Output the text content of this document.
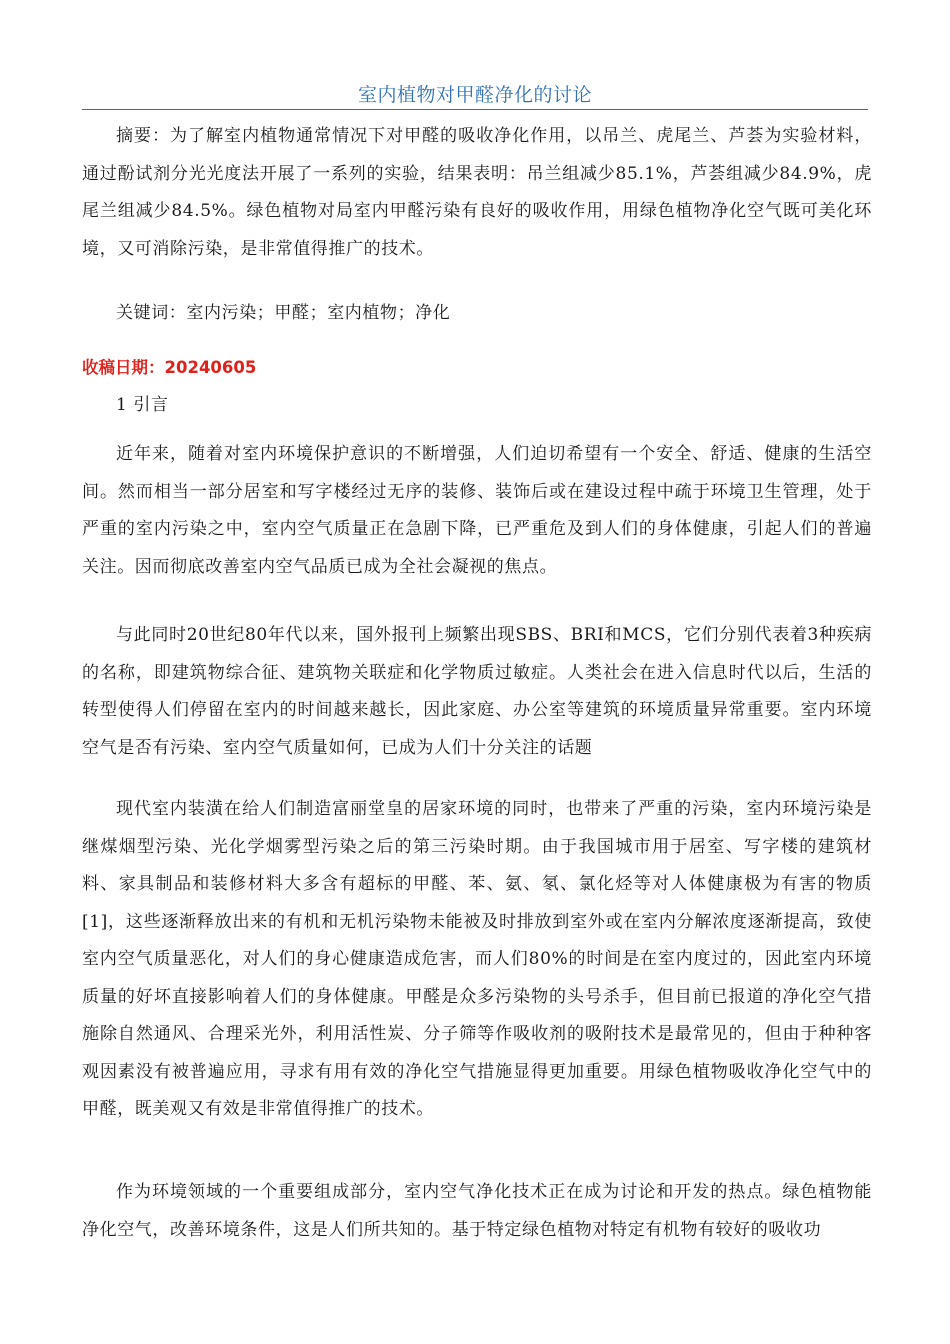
室内植物对甲醛净化的讨论

摘要：为了解室内植物通常情况下对甲醛的吸收净化作用，以吊兰、虎尾兰、芦荟为实验材料，通过酚试剂分光光度法开展了一系列的实验，结果表明：吊兰组减少85.1%，芦荟组减少84.9%，虎尾兰组减少84.5%。绿色植物对局室内甲醛污染有良好的吸收作用，用绿色植物净化空气既可美化环境，又可消除污染，是非常值得推广的技术。

关键词：室内污染；甲醛；室内植物；净化

收稿日期：20240605

1 引言

近年来，随着对室内环境保护意识的不断增强，人们迫切希望有一个安全、舒适、健康的生活空间。然而相当一部分居室和写字楼经过无序的装修、装饰后或在建设过程中疏于环境卫生管理，处于严重的室内污染之中，室内空气质量正在急剧下降，已严重危及到人们的身体健康，引起人们的普遍关注。因而彻底改善室内空气品质已成为全社会凝视的焦点。

与此同时20世纪80年代以来，国外报刊上频繁出现SBS、BRI和MCS，它们分别代表着3种疾病的名称，即建筑物综合征、建筑物关联症和化学物质过敏症。人类社会在进入信息时代以后，生活的转型使得人们停留在室内的时间越来越长，因此家庭、办公室等建筑的环境质量异常重要。室内环境空气是否有污染、室内空气质量如何，已成为人们十分关注的话题

现代室内装潢在给人们制造富丽堂皇的居家环境的同时，也带来了严重的污染，室内环境污染是继煤烟型污染、光化学烟雾型污染之后的第三污染时期。由于我国城市用于居室、写字楼的建筑材料、家具制品和装修材料大多含有超标的甲醛、苯、氨、氡、氯化烃等对人体健康极为有害的物质[1]，这些逐渐释放出来的有机和无机污染物未能被及时排放到室外或在室内分解浓度逐渐提高，致使室内空气质量恶化，对人们的身心健康造成危害，而人们80%的时间是在室内度过的，因此室内环境质量的好坏直接影响着人们的身体健康。甲醛是众多污染物的头号杀手，但目前已报道的净化空气措施除自然通风、合理采光外，利用活性炭、分子筛等作吸收剂的吸附技术是最常见的，但由于种种客观因素没有被普遍应用，寻求有用有效的净化空气措施显得更加重要。用绿色植物吸收净化空气中的甲醛，既美观又有效是非常值得推广的技术。

作为环境领域的一个重要组成部分，室内空气净化技术正在成为讨论和开发的热点。绿色植物能净化空气，改善环境条件，这是人们所共知的。基于特定绿色植物对特定有机物有较好的吸收功
